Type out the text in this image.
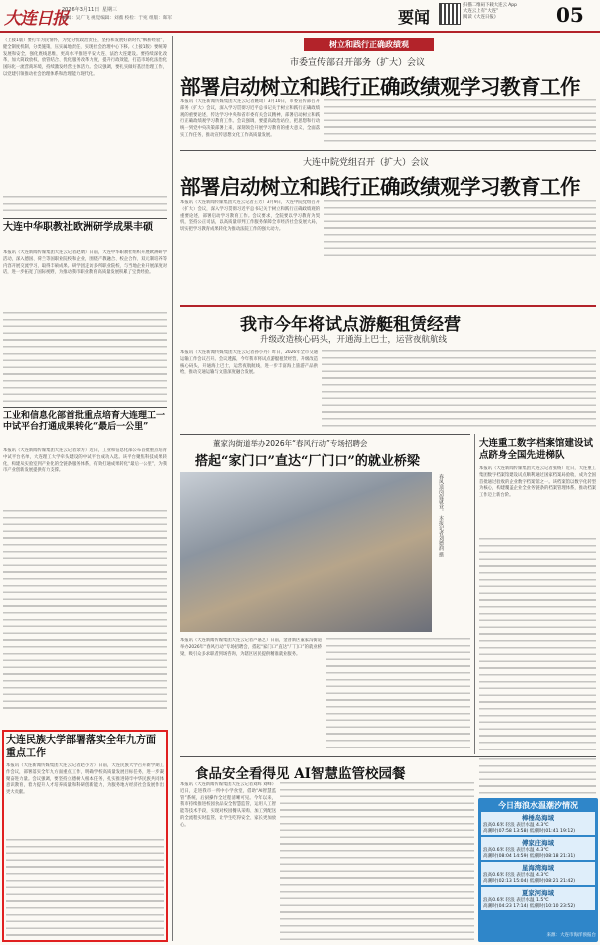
大连日报
2026年3月11日 星期三
编辑：吴广飞 视觉编辑：刘薇 校检：于宛 组版：晖军	要闻
扫描二维码下载大连云 App
大连云上有“大连”
阅读《大连日报》	05
（上接1版）要打牢为民情怀，为党分忧政治责任，坚持和发展好新时代“枫桥经验”，健全制度机制，分类施策，压实属地责任，实现社会治理中心下移。（上接1版）要统筹发展和安全，强化底线思维，更高水平推进平安大连、法治大连建设。要持续深化改革，加大简政放权、放管结合、优化服务改革力度，提升行政效能，打造市场化法治化国际化一流营商环境，持续激发经营主体活力。会议强调，要扎实做好基层治理工作，以党建引领推动社会治理体系和治理能力现代化。
大连中华职教社欧洲研学成果丰硕
本报讯（大连新闻传媒集团大连云记者赵婧）日前，大连中华职教社组织开展欧洲研学活动，深入德国、荷兰等国职业院校和企业，围绕产教融合、校企合作、双元制培养等内容开展交流学习，取得丰硕成果。研学团走访多所职业院校，与当地企业开展深度对话，进一步拓宽了国际视野，为推动我市职业教育高质量发展积累了宝贵经验。
工业和信息化部首批重点培育大连理工一中试平台打通成果转化“最后一公里”
本报讯（大连新闻传媒集团大连云记者余方）近日，工业和信息化部公布首批重点培育中试平台名单，大连理工大学牵头建设的中试平台成功入选。该平台聚焦科技成果转化，构建从实验室到产业化的全链条服务体系，有效打通成果转化“最后一公里”，为我市产业创新发展提供有力支撑。
大连民族大学部署落实全年九方面重点工作
本报讯（大连新闻传媒集团大连云记者赵小芳）日前，大连民族大学召开新学期工作会议，部署落实全年九方面重点工作，明确学校高质量发展目标任务，进一步凝聚奋进力量。会议强调，要坚持立德树人根本任务，扎实推进铸牢中华民族共同体意识教育，着力提升人才培养质量和科研创新能力，为服务地方经济社会发展作出更大贡献。
树立和践行正确政绩观
市委宣传部召开部务（扩大）会议
部署启动树立和践行正确政绩观学习教育工作
本报讯（大连新闻传媒集团大连云记者姚琦）3月10日，市委宣传部召开部务（扩大）会议，深入学习贯彻习近平总书记关于树立和践行正确政绩观的重要论述，传达学习中央和省市委有关会议精神，部署启动树立和践行正确政绩观学习教育工作。会议强调，要提高政治站位，把思想和行动统一到党中央决策部署上来，深刻领会开展学习教育的重大意义，全面落实工作任务，推动宣传思想文化工作高质量发展。
大连中院党组召开（扩大）会议
部署启动树立和践行正确政绩观学习教育工作
本报讯（大连新闻传媒集团大连云记者王芳）3月9日，大连中院党组召开（扩大）会议，深入学习贯彻习近平总书记关于树立和践行正确政绩观的重要论述，部署启动学习教育工作。会议要求，全院要以学习教育为契机，坚持公正司法，以高质量审判工作服务保障全市经济社会发展大局，切实把学习教育成果转化为推动法院工作的强大动力。
我市今年将试点游艇租赁经营
升级改造核心码头，开通海上巴士，运营夜航航线
本报讯（大连新闻传媒集团大连云记者孙小丹）昨日，2026年全市交通运输工作会议召开。会议透露，今年我市将试点游艇租赁经营，升级改造核心码头，开通海上巴士，运营夜航航线，进一步丰富海上旅游产品供给，推动交通运输与文旅深度融合发展。
董家沟街道举办2026年“春风行动”专场招聘会
搭起“家门口”直达“厂门口”的就业桥梁
春风送岗促就业。 本报记者刘德润 摄
本报讯（大连新闻传媒集团大连云记者卢嘉艺）日前，金普新区董家沟街道举办2026年“春风行动”专场招聘会，搭起“家门口”直达“厂门口”的就业桥梁，吸引众多求职者到场咨询，为辖区居民提供精准就业服务。
大连重工数字档案馆建设试点跻身全国先进梯队
本报讯（大连新闻传媒集团大连云记者张杨）近日，大连重工集团数字档案馆建设试点顺利通过国家档案局验收，成为全国首批通过验收的企业数字档案馆之一。该档案馆以数字化转型为核心，构建覆盖企业全业务链条的档案管理体系，推动档案工作迈上新台阶。
食品安全看得见 AI智慧监管校园餐
本报讯（大连新闻传媒集团大连云记者刘辉 刘峰）近日，走进我市一所中小学食堂，借助“AI智慧监管”系统，后厨操作全过程清晰可见。今年以来，我市持续推进校园食品安全智慧监管，运用人工智能等技术手段，实现对校园餐从采购、加工到配送的全流程实时监管，让学生吃得安全、家长更加放心。
今日海浪水温潮汐情况
棒棰岛海域
浪高0.6米 轻浪 表层水温 4.3℃
高潮时(07:58 13:58) 低潮时(01:41 19:12)
傅家庄海域
浪高0.6米 轻浪 表层水温 4.3℃
高潮时(08:04 14:59) 低潮时(08:18 21:31)
星海湾海域
浪高0.6米 轻浪 表层水温 4.3℃
高潮时(02:13 15:04) 低潮时(08:21 21:42)
夏家河海域
浪高0.6米 轻浪 表层水温 1.5℃
高潮时(04:23 17:14) 低潮时(10:10 23:52)
来源：大连市海洋预报台
